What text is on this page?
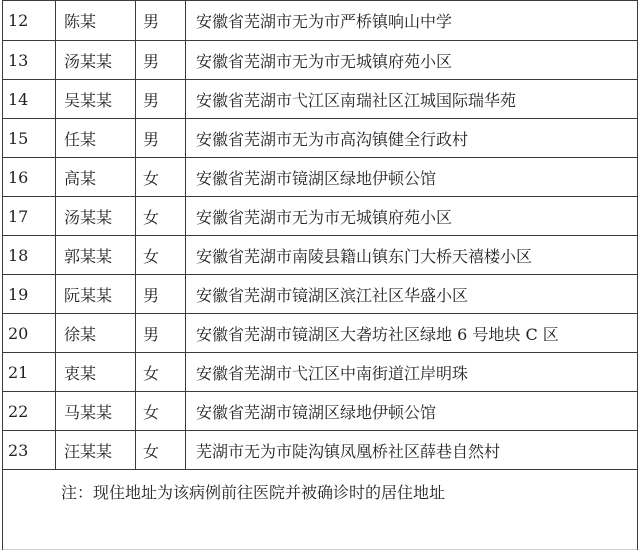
12	陈某	男	安徽省芜湖市无为市严桥镇响山中学
13	汤某某	男	安徽省芜湖市无为市无城镇府苑小区
14	吴某某	男	安徽省芜湖市弋江区南瑞社区江城国际瑞华苑
15	任某	男	安徽省芜湖市无为市高沟镇健全行政村
16	高某	女	安徽省芜湖市镜湖区绿地伊顿公馆
17	汤某某	女	安徽省芜湖市无为市无城镇府苑小区
18	郭某某	女	安徽省芜湖市南陵县籍山镇东门大桥天禧楼小区
19	阮某某	男	安徽省芜湖市镜湖区滨江社区华盛小区
20	徐某	男	安徽省芜湖市镜湖区大砻坊社区绿地 6 号地块 C 区
21	衷某	女	安徽省芜湖市弋江区中南街道江岸明珠
22	马某某	女	安徽省芜湖市镜湖区绿地伊顿公馆
23	汪某某	女	芜湖市无为市陡沟镇凤凰桥社区薛巷自然村
注：现住地址为该病例前往医院并被确诊时的居住地址
